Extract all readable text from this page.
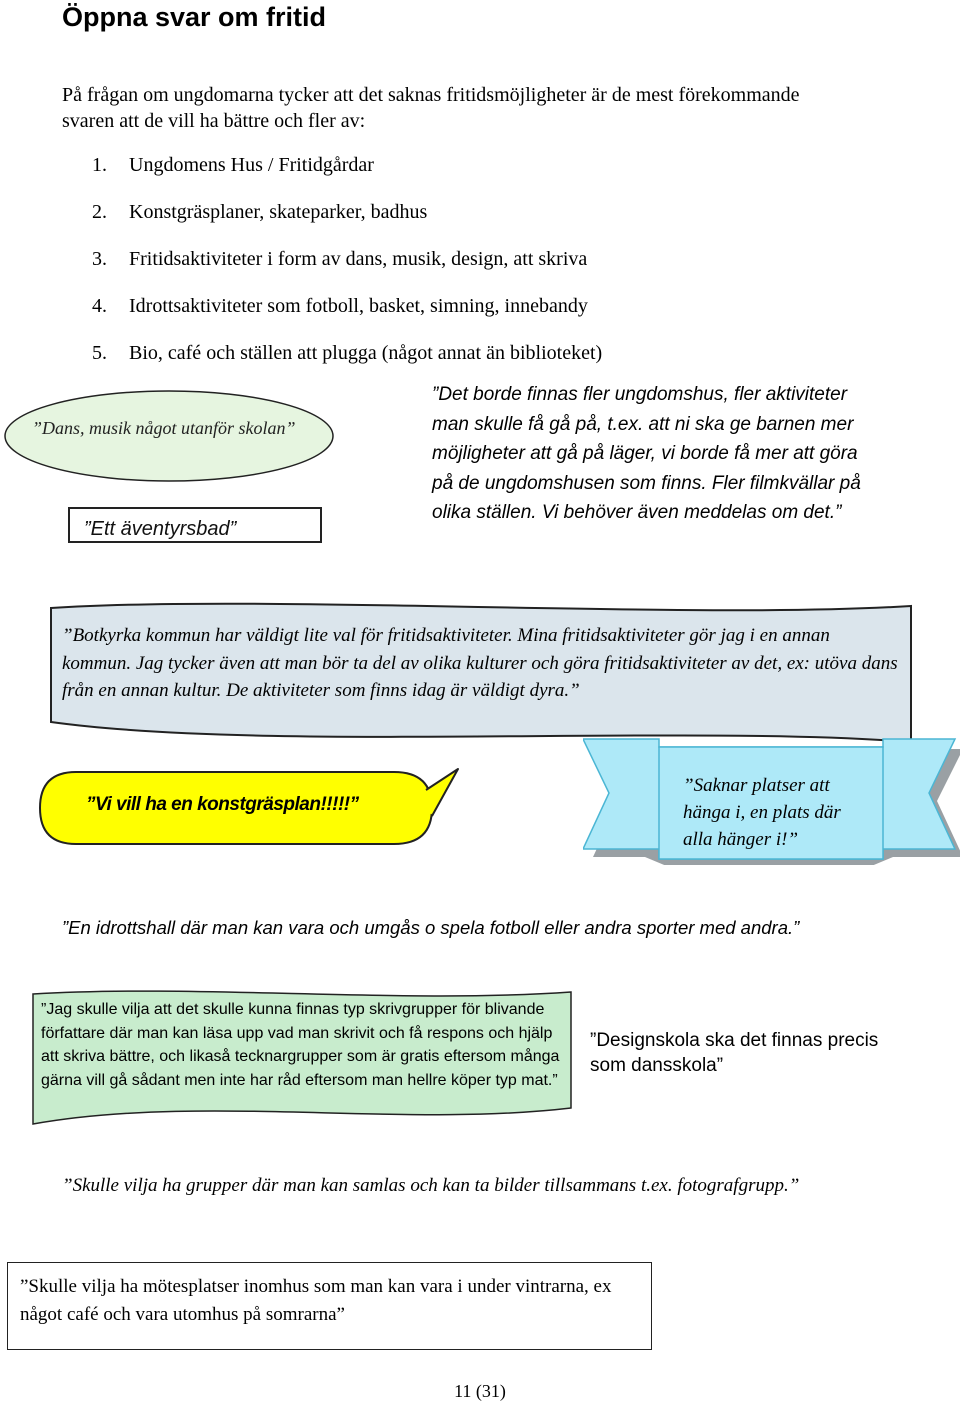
Öppna svar om fritid
På frågan om ungdomarna tycker att det saknas fritidsmöjligheter är de mest förekommande svaren att de vill ha bättre och fler av:
1.	Ungdomens Hus / Fritidgårdar
2.	Konstgräsplaner, skateparker, badhus
3.	Fritidsaktiviteter i form av dans, musik, design, att skriva
4.	Idrottsaktiviteter som fotboll, basket, simning, innebandy
5.	Bio, café och ställen att plugga (något annat än biblioteket)
”Dans, musik något utanför skolan”
”Ett äventyrsbad”
”Det borde finnas fler ungdomshus, fler aktiviteter man skulle få gå på, t.ex. att ni ska ge barnen mer möjligheter att gå på läger, vi borde få mer att göra på de ungdomshusen som finns. Fler filmkvällar på olika ställen. Vi behöver även meddelas om det.”
”Botkyrka kommun har väldigt lite val för fritidsaktiviteter. Mina fritidsaktiviteter gör jag i en annan kommun. Jag tycker även att man bör ta del av olika kulturer och göra fritidsaktiviteter av det, ex: utöva dans från en annan kultur. De aktiviteter som finns idag är väldigt dyra.”
”Vi vill ha en konstgräsplan!!!!!”
”Saknar platser att hänga i, en plats där alla hänger i!”
”En idrottshall där man kan vara och umgås o spela fotboll eller andra sporter med andra.”
”Jag skulle vilja att det skulle kunna finnas typ skrivgrupper för blivande författare där man kan läsa upp vad man skrivit och få respons och hjälp att skriva bättre, och likaså tecknargrupper som är gratis eftersom många gärna vill gå sådant men inte har råd eftersom man hellre köper typ mat.”
”Designskola ska det finnas precis som dansskola”
”Skulle vilja ha grupper där man kan samlas och kan ta bilder tillsammans t.ex. fotografgrupp.”
”Skulle vilja ha mötesplatser inomhus som man kan vara i under vintrarna, ex något café och vara utomhus på somrarna”
11 (31)
